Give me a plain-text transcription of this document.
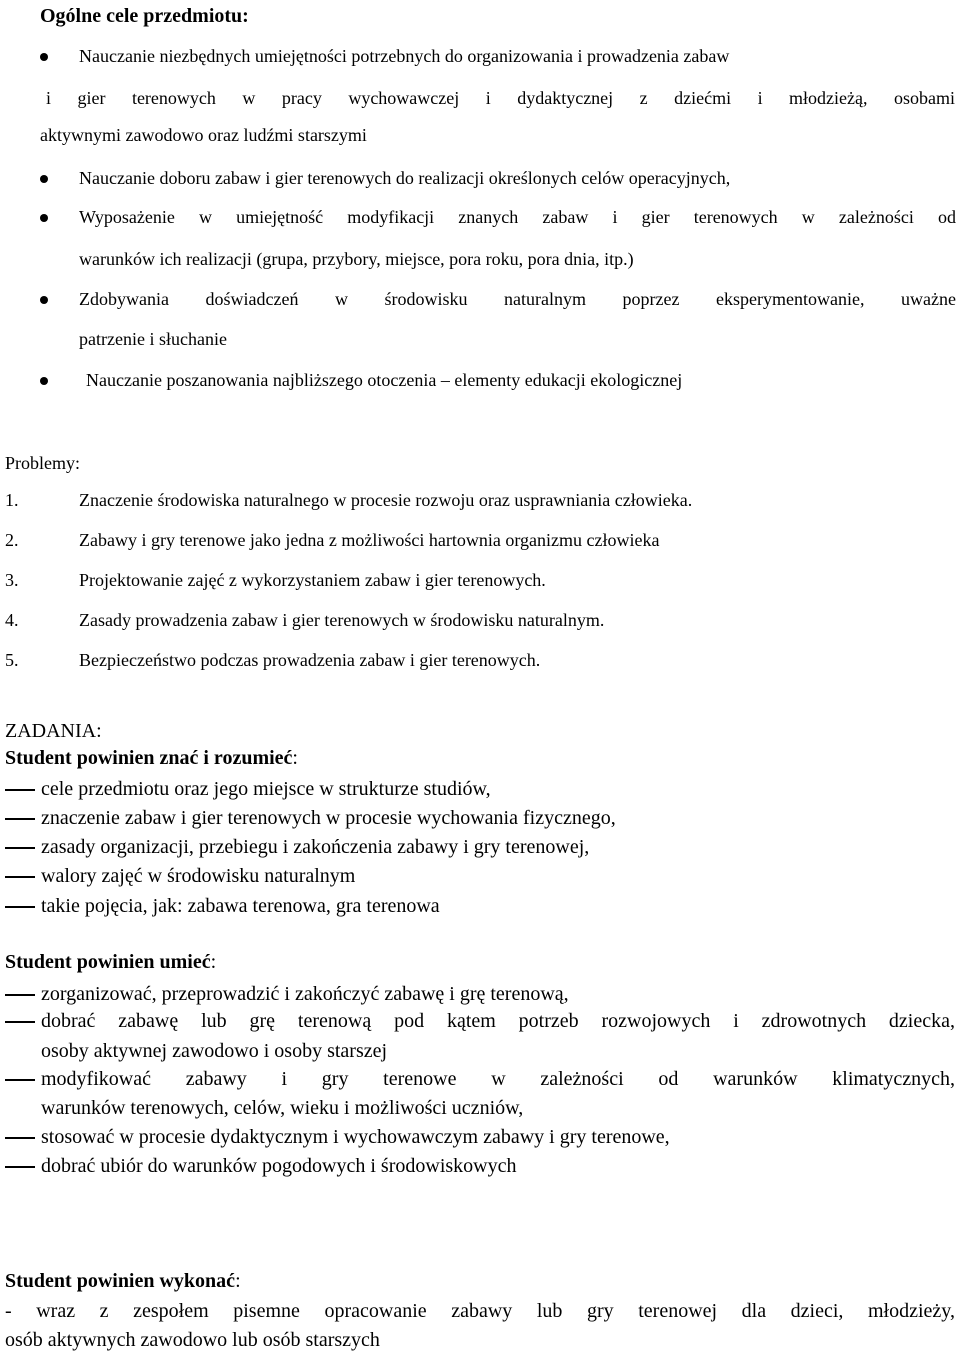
Ogólne cele przedmiotu:
Nauczanie niezbędnych umiejętności potrzebnych do organizowania i prowadzenia zabaw
i gier terenowych w pracy wychowawczej i dydaktycznej z dziećmi i młodzieżą, osobami
aktywnymi zawodowo oraz ludźmi starszymi
Nauczanie doboru zabaw i gier terenowych do realizacji określonych celów operacyjnych,
Wyposażenie w umiejętność modyfikacji znanych zabaw i gier terenowych w zależności od
warunków ich realizacji (grupa, przybory, miejsce, pora roku, pora dnia, itp.)
Zdobywania doświadczeń w środowisku naturalnym poprzez eksperymentowanie, uważne
patrzenie i słuchanie
Nauczanie poszanowania najbliższego otoczenia – elementy edukacji ekologicznej
Problemy:
1.	Znaczenie środowiska naturalnego w procesie rozwoju oraz usprawniania człowieka.
2.	Zabawy i gry terenowe jako jedna z możliwości hartownia organizmu człowieka
3.	Projektowanie zajęć z wykorzystaniem zabaw i gier terenowych.
4.	Zasady prowadzenia zabaw i gier terenowych w środowisku naturalnym.
5.	Bezpieczeństwo podczas prowadzenia zabaw i gier terenowych.
ZADANIA:
Student powinien znać i rozumieć:
cele przedmiotu oraz jego miejsce w strukturze studiów,
znaczenie zabaw i gier terenowych w procesie wychowania fizycznego,
zasady organizacji, przebiegu i zakończenia zabawy i gry terenowej,
walory zajęć w środowisku naturalnym
takie pojęcia, jak: zabawa terenowa, gra terenowa
Student powinien umieć:
zorganizować, przeprowadzić i zakończyć zabawę i grę terenową,
dobrać zabawę lub grę terenową pod kątem potrzeb rozwojowych i zdrowotnych dziecka,
osoby aktywnej zawodowo i osoby starszej
modyfikować zabawy i gry terenowe w zależności od warunków klimatycznych,
warunków terenowych, celów, wieku i możliwości uczniów,
stosować w procesie dydaktycznym i wychowawczym zabawy i gry terenowe,
dobrać ubiór do warunków pogodowych i środowiskowych
Student powinien wykonać:
- wraz z zespołem pisemne opracowanie zabawy lub gry terenowej dla dzieci, młodzieży,
osób aktywnych zawodowo lub osób starszych
